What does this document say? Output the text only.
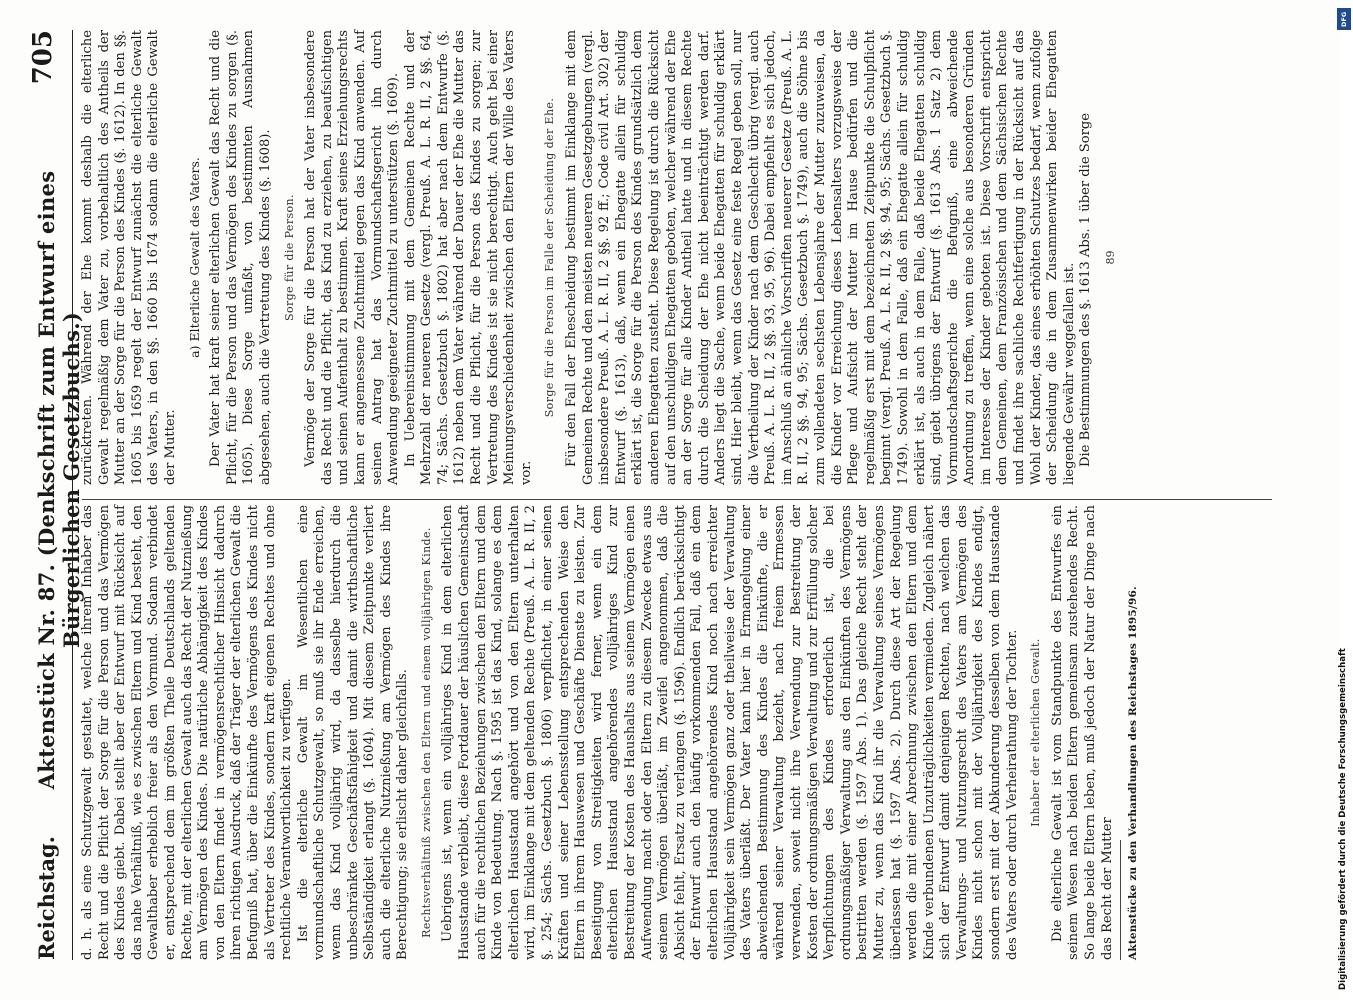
Reichstag.
Aktenstück Nr. 87. (Denkschrift zum Entwurf eines Bürgerlichen Gesetzbuchs.)
705

d. h. als eine Schutzgewalt gestaltet, welche ihrem Inhaber das Recht und die Pflicht der Sorge für die Person und das Vermögen des Kindes giebt. Dabei stellt aber der Entwurf mit Rücksicht auf das nahe Verhältniß, wie es zwischen Eltern und Kind besteht, den Gewalthaber erheblich freier als den Vormund. Sodann verbindet er, entsprechend dem im größten Theile Deutschlands geltenden Rechte, mit der elterlichen Gewalt auch das Recht der Nutznießung am Vermögen des Kindes. Die natürliche Abhängigkeit des Kindes von den Eltern findet in vermögensrechtlicher Hinsicht dadurch ihren richtigen Ausdruck, daß der Träger der elterlichen Gewalt die Befugniß hat, über die Einkünfte des Vermögens des Kindes nicht als Vertreter des Kindes, sondern kraft eigenen Rechtes und ohne rechtliche Verantwortlichkeit zu verfügen. Ist die elterliche Gewalt im Wesentlichen eine vormundschaftliche Schutzgewalt, so muß sie ihr Ende erreichen, wenn das Kind volljährig wird, da dasselbe hierdurch die unbeschränkte Geschäftsfähigkeit und damit die wirthschaftliche Selbständigkeit erlangt (§. 1604). Mit diesem Zeitpunkte verliert auch die elterliche Nutznießung am Vermögen des Kindes ihre Berechtigung; sie erlischt daher gleichfalls. Rechtsverhältniß zwischen den Eltern und einem volljährigen Kinde. Uebrigens ist, wenn ein volljähriges Kind in dem elterlichen Hausstande verbleibt, diese Fortdauer der häuslichen Gemeinschaft auch für die rechtlichen Beziehungen zwischen den Eltern und dem Kinde von Bedeutung. Nach §. 1595 ist das Kind, solange es dem elterlichen Hausstand angehört und von den Eltern unterhalten wird, im Einklange mit dem geltenden Rechte (Preuß. A. L. R. II, 2 §. 254; Sächs. Gesetzbuch §. 1806) verpflichtet, in einer seinen Kräften und seiner Lebensstellung entsprechenden Weise den Eltern in ihrem Hauswesen und Geschäfte Dienste zu leisten. Zur Beseitigung von Streitigkeiten wird ferner, wenn ein dem elterlichen Hausstand angehörendes volljähriges Kind zur Bestreitung der Kosten des Haushalts aus seinem Vermögen einen Aufwendung macht oder den Eltern zu diesem Zwecke etwas aus seinem Vermögen überläßt, im Zweifel angenommen, daß die Absicht fehlt, Ersatz zu verlangen (§. 1596). Endlich berücksichtigt der Entwurf auch den häufig vorkommenden Fall, daß ein dem elterlichen Hausstand angehörendes Kind noch nach erreichter Volljährigkeit sein Vermögen ganz oder theilweise der Verwaltung des Vaters überläßt. Der Vater kann hier in Ermangelung einer abweichenden Bestimmung des Kindes die Einkünfte, die er während seiner Verwaltung bezieht, nach freiem Ermessen verwenden, soweit nicht ihre Verwendung zur Bestreitung der Kosten der ordnungsmäßigen Verwaltung und zur Erfüllung solcher Verpflichtungen des Kindes erforderlich ist, die bei ordnungsmäßiger Verwaltung aus den Einkünften des Vermögens bestritten werden (§. 1597 Abs. 1). Das gleiche Recht steht der Mutter zu, wenn das Kind ihr die Verwaltung seines Vermögens überlassen hat (§. 1597 Abs. 2). Durch diese Art der Regelung werden die mit einer Abrechnung zwischen den Eltern und dem Kinde verbundenen Unzuträglichkeiten vermieden. Zugleich nähert sich der Entwurf damit denjenigen Rechten, nach welchen das Verwaltungs- und Nutzungsrecht des Vaters am Vermögen des Kindes nicht schon mit der Volljährigkeit des Kindes endigt, sondern erst mit der Abkunderung desselben von dem Hausstande des Vaters oder durch Verheirathung der Tochter. Inhaber der elterlichen Gewalt. Die elterliche Gewalt ist vom Standpunkte des Entwurfes ein seinem Wesen nach beiden Eltern gemeinsam zustehendes Recht. So lange beide Eltern leben, muß jedoch der Natur der Dinge nach das Recht der Mutter Aktenstücke zu den Verhandlungen des Reichstages 1895/96.

zurücktreten. Während der Ehe kommt deshalb die elterliche Gewalt regelmäßig dem Vater zu, vorbehaltlich des Antheils der Mutter an der Sorge für die Person des Kindes (§. 1612). In den §§. 1605 bis 1659 regelt der Entwurf zunächst die elterliche Gewalt des Vaters, in den §§. 1660 bis 1674 sodann die elterliche Gewalt der Mutter.

a) Elterliche Gewalt des Vaters. Der Vater hat kraft seiner elterlichen Gewalt das Recht und die Pflicht, für die Person und das Vermögen des Kindes zu sorgen (§. 1605). Diese Sorge umfaßt, von bestimmten Ausnahmen abgesehen, auch die Vertretung des Kindes (§. 1608). Sorge für die Person. Vermöge der Sorge für die Person hat der Vater insbesondere das Recht und die Pflicht, das Kind zu erziehen, zu beaufsichtigen und seinen Aufenthalt zu bestimmen. Kraft seines Erziehungsrechts kann er angemessene Zuchtmittel gegen das Kind anwenden. Auf seinen Antrag hat das Vormundschaftsgericht ihn durch Anwendung geeigneter Zuchtmittel zu unterstützen (§. 1609). In Uebereinstimmung mit dem Gemeinen Rechte und der Mehrzahl der neueren Gesetze (vergl. Preuß. A. L. R. II, 2 §§. 64, 74; Sächs. Gesetzbuch §. 1802) hat aber nach dem Entwurfe (§. 1612) neben dem Vater während der Dauer der Ehe die Mutter das Recht und die Pflicht, für die Person des Kindes zu sorgen; zur Vertretung des Kindes ist sie nicht berechtigt. Auch geht bei einer Meinungsverschiedenheit zwischen den Eltern der Wille des Vaters vor.

Sorge für die Person im Falle der Scheidung der Ehe. Für den Fall der Ehescheidung bestimmt im Einklange mit dem Gemeinen Rechte und den meisten neueren Gesetzgebungen (vergl. insbesondere Preuß. A. L. R. II, 2 §§. 92 ff.; Code civil Art. 302) der Entwurf (§. 1613), daß, wenn ein Ehegatte allein für schuldig erklärt ist, die Sorge für die Person des Kindes grundsätzlich dem anderen Ehegatten zusteht. Diese Regelung ist durch die Rücksicht auf den unschuldigen Ehegatten geboten, welcher während der Ehe an der Sorge für alle Kinder Antheil hatte und in diesem Rechte durch die Scheidung der Ehe nicht beeinträchtigt werden darf. Anders liegt die Sache, wenn beide Ehegatten für schuldig erklärt sind. Hier bleibt, wenn das Gesetz eine feste Regel geben soll, nur die Vertheilung der Kinder nach dem Geschlecht übrig (vergl. auch Preuß. A. L. R. II, 2 §§. 93, 95, 96). Dabei empfiehlt es sich jedoch, im Anschluß an ähnliche Vorschriften neuerer Gesetze (Preuß. A. L. R. II, 2 §§. 94, 95; Sächs. Gesetzbuch §. 1749), auch die Söhne bis zum vollendeten sechsten Lebensjahre der Mutter zuzuweisen, da die Kinder vor Erreichung dieses Lebensalters vorzugsweise der Pflege und Aufsicht der Mutter im Hause bedürfen und die regelmäßig erst mit dem bezeichneten Zeitpunkte die Schulpflicht beginnt (vergl. Preuß. A. L. R. II, 2 §§. 94, 95; Sächs. Gesetzbuch §. 1749). Sowohl in dem Falle, daß ein Ehegatte allein für schuldig erklärt ist, als auch in dem Falle, daß beide Ehegatten schuldig sind, giebt übrigens der Entwurf (§. 1613 Abs. 1 Satz 2) dem Vormundschaftsgerichte die Befugniß, eine abweichende Anordnung zu treffen, wenn eine solche aus besonderen Gründen im Interesse der Kinder geboten ist. Diese Vorschrift entspricht dem Gemeinen, dem Französischen und dem Sächsischen Rechte und findet ihre sachliche Rechtfertigung in der Rücksicht auf das Wohl der Kinder, das eines erhöhten Schutzes bedarf, wenn zufolge der Scheidung die in dem Zusammenwirken beider Ehegatten liegende Gewähr weggefallen ist. Die Bestimmungen des §. 1613 Abs. 1 über die Sorge 89
DFG
Digitalisierung gefördert durch die Deutsche Forschungsgemeinschaft
